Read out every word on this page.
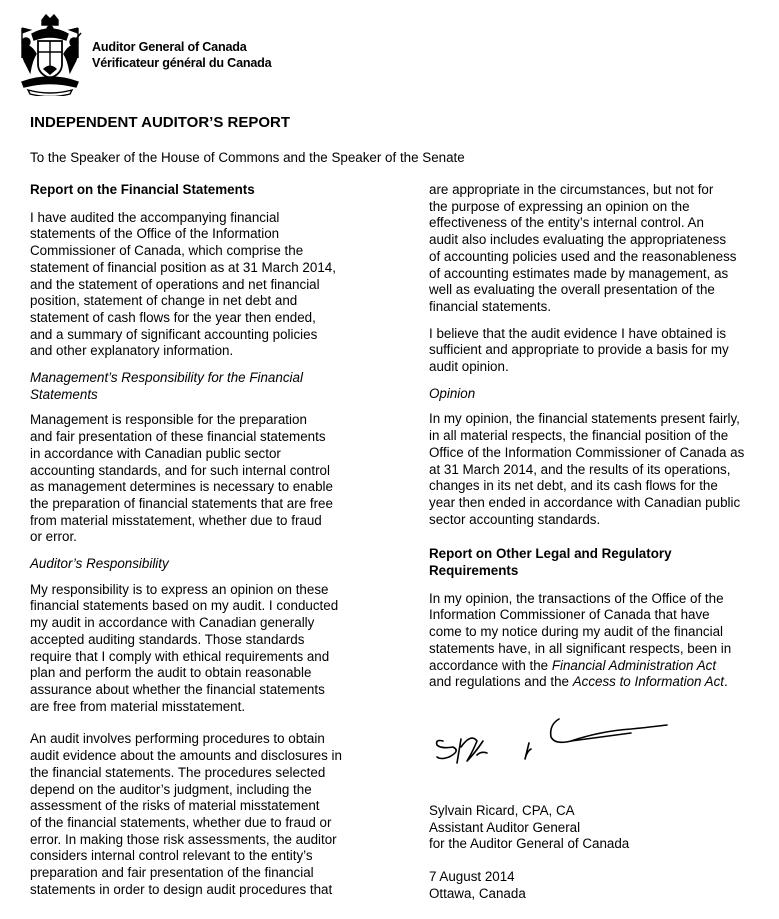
Auditor General of Canada
Vérificateur général du Canada
INDEPENDENT AUDITOR’S REPORT
To the Speaker of the House of Commons and the Speaker of the Senate
Report on the Financial Statements

I have audited the accompanying financial
statements of the Office of the Information
Commissioner of Canada, which comprise the
statement of financial position as at 31 March 2014,
and the statement of operations and net financial
position, statement of change in net debt and
statement of cash flows for the year then ended,
and a summary of significant accounting policies
and other explanatory information.

Management’s Responsibility for the Financial
Statements

Management is responsible for the preparation
and fair presentation of these financial statements
in accordance with Canadian public sector
accounting standards, and for such internal control
as management determines is necessary to enable
the preparation of financial statements that are free
from material misstatement, whether due to fraud
or error.

Auditor’s Responsibility

My responsibility is to express an opinion on these
financial statements based on my audit. I conducted
my audit in accordance with Canadian generally
accepted auditing standards. Those standards
require that I comply with ethical requirements and
plan and perform the audit to obtain reasonable
assurance about whether the financial statements
are free from material misstatement.

An audit involves performing procedures to obtain
audit evidence about the amounts and disclosures in
the financial statements. The procedures selected
depend on the auditor’s judgment, including the
assessment of the risks of material misstatement
of the financial statements, whether due to fraud or
error. In making those risk assessments, the auditor
considers internal control relevant to the entity’s
preparation and fair presentation of the financial
statements in order to design audit procedures that

are appropriate in the circumstances, but not for
the purpose of expressing an opinion on the
effectiveness of the entity’s internal control. An
audit also includes evaluating the appropriateness
of accounting policies used and the reasonableness
of accounting estimates made by management, as
well as evaluating the overall presentation of the
financial statements.

I believe that the audit evidence I have obtained is
sufficient and appropriate to provide a basis for my
audit opinion.

Opinion

In my opinion, the financial statements present fairly,
in all material respects, the financial position of the
Office of the Information Commissioner of Canada as
at 31 March 2014, and the results of its operations,
changes in its net debt, and its cash flows for the
year then ended in accordance with Canadian public
sector accounting standards.

Report on Other Legal and Regulatory
Requirements

In my opinion, the transactions of the Office of the
Information Commissioner of Canada that have
come to my notice during my audit of the financial
statements have, in all significant respects, been in
accordance with the Financial Administration Act
and regulations and the Access to Information Act.

Sylvain Ricard, CPA, CA
Assistant Auditor General
for the Auditor General of Canada

7 August 2014
Ottawa, Canada
